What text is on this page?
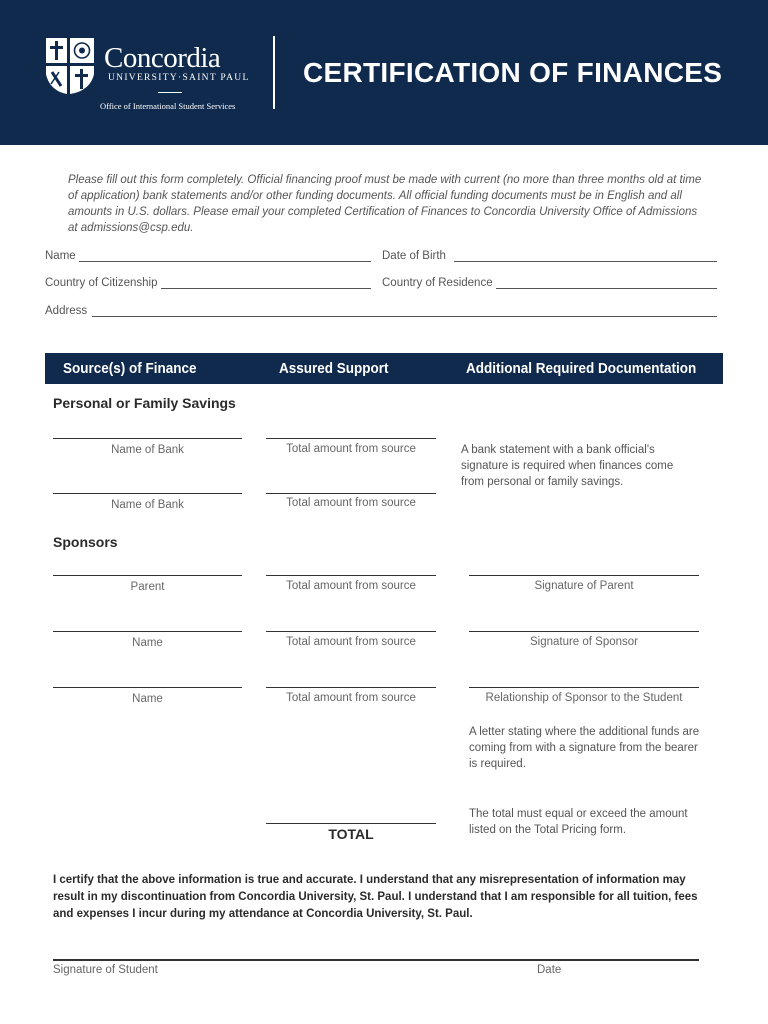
Concordia
UNIVERSITY·SAINT PAUL
Office of International Student Services
CERTIFICATION OF FINANCES
Please fill out this form completely. Official financing proof must be made with current (no more than three months old at time of application) bank statements and/or other funding documents. All official funding documents must be in English and all amounts in U.S. dollars. Please email your completed Certification of Finances to Concordia University Office of Admissions at admissions@csp.edu.
Name	Date of Birth
Country of Citizenship	Country of Residence
Address
Source(s) of Finance	Assured Support	Additional Required Documentation
Personal or Family Savings
Name of Bank	Total amount from source	A bank statement with a bank official's signature is required when finances come from personal or family savings.
Name of Bank	Total amount from source
Sponsors
Parent	Total amount from source	Signature of Parent
Name	Total amount from source	Signature of Sponsor
Name	Total amount from source	Relationship of Sponsor to the Student
A letter stating where the additional funds are coming from with a signature from the bearer is required.
TOTAL
The total must equal or exceed the amount listed on the Total Pricing form.
I certify that the above information is true and accurate. I understand that any misrepresentation of information may result in my discontinuation from Concordia University, St. Paul. I understand that I am responsible for all tuition, fees and expenses I incur during my attendance at Concordia University, St. Paul.
Signature of Student	Date
